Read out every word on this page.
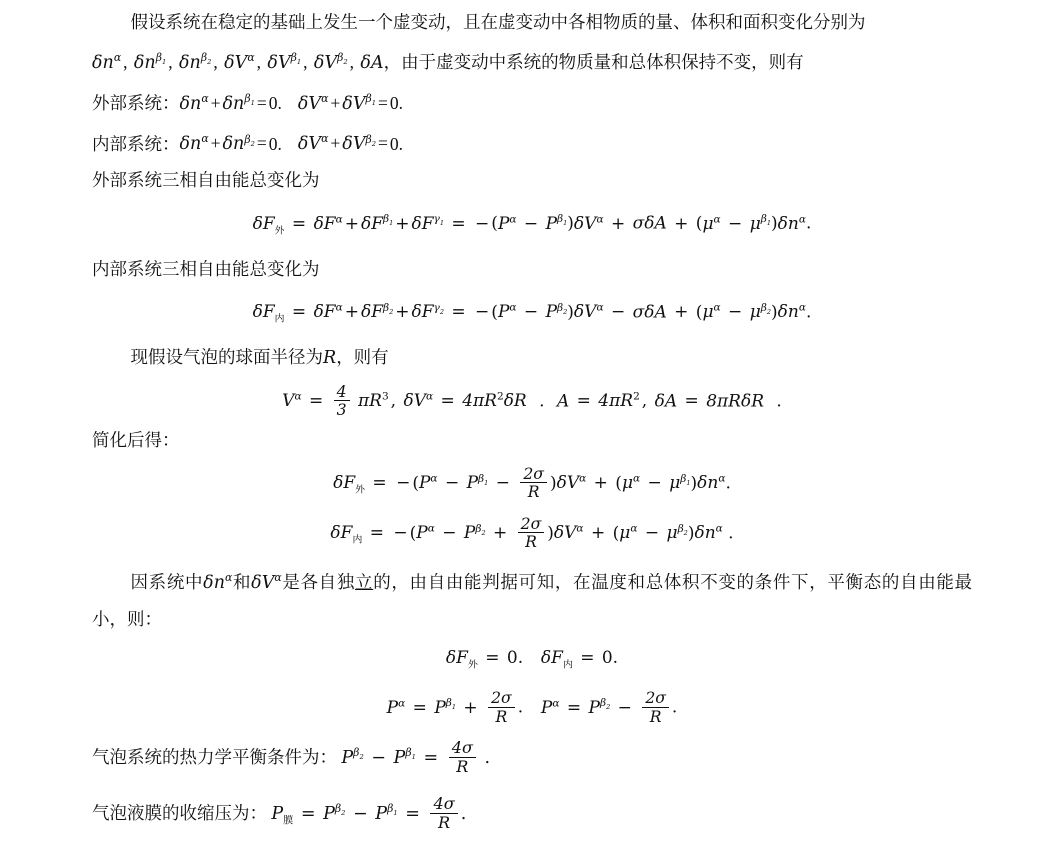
假设系统在稳定的基础上发生一个虚变动，且在虚变动中各相物质的量、体积和面积变化分别为

$\delta n^\alpha$ , $\delta n^{\beta_1}$ , $\delta n^{\beta_2}$ , $\delta V^\alpha$ , $\delta V^{\beta_1}$ , $\delta V^{\beta_2}$ , δA，由于虚变动中系统的物质量和总体积保持不变，则有

外部系统：$\delta n^\alpha + \delta n^{\beta_1} = 0$. $\delta V^\alpha + \delta V^{\beta_1} = 0$.

内部系统：$\delta n^\alpha + \delta n^{\beta_2} = 0$. $\delta V^\alpha + \delta V^{\beta_2} = 0$.

外部系统三相自由能总变化为

$\delta F_外 = \delta F^\alpha + \delta F^{\beta_1} + \delta F^{\gamma_1}$ = − $(P^\alpha - P^{\beta_1})\delta V^\alpha + \sigma\delta A + (\mu^\alpha - \mu^{\beta_1})\delta n^\alpha$.

内部系统三相自由能总变化为

$\delta F_内 = \delta F^\alpha + \delta F^{\beta_2} + \delta F^{\gamma_2}$ = − $(P^\alpha - P^{\beta_2})\delta V^\alpha - \sigma\delta A + (\mu^\alpha - \mu^{\beta_2})\delta n^\alpha$.

现假设气泡的球面半径为R，则有

$V^\alpha = \frac{4}{3} \pi R^3$ , $\delta V^\alpha = 4\pi R^2\delta R$ . $A = 4\pi R^2$ , δA = 8πRδR .

简化后得：

$\delta F_外$ = − $(P^\alpha - P^{\beta_1} - \frac{2\sigma}{R} )\delta V^\alpha + (\mu^\alpha - \mu^{\beta_1})\delta n^\alpha$.

$\delta F_内$ = − $(P^\alpha - P^{\beta_2} + \frac{2\sigma}{R} )\delta V^\alpha + (\mu^\alpha - \mu^{\beta_2})\delta n^\alpha$ .

因系统中$\delta n^\alpha$和$\delta V^\alpha$是各自独立的，由自由能判据可知，在温度和总体积不变的条件下，平衡态的自由能最小，则：

$\delta F_外 = 0$.  $\delta F_内 = 0$.

$P^\alpha = P^{\beta_1} + \frac{2\sigma}{R}$ .  $P^\alpha = P^{\beta_2} - \frac{2\sigma}{R}$ .

气泡系统的热力学平衡条件为： $P^{\beta_2} - P^{\beta_1} = \frac{4\sigma}{R}$ .

气泡液膜的收缩压为： $P_膜 = P^{\beta_2} - P^{\beta_1} = \frac{4\sigma}{R}$ .
